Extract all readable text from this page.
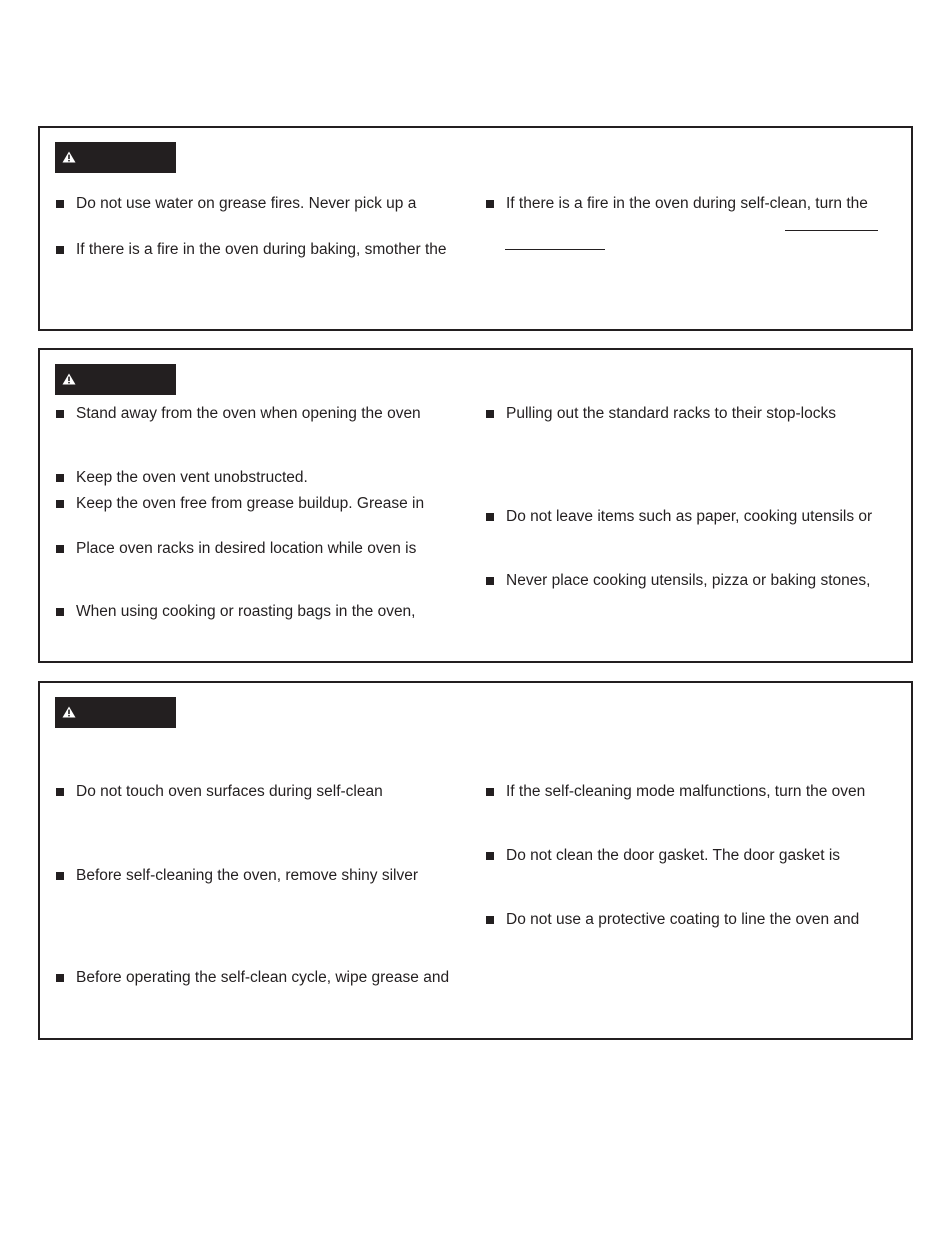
Do not use water on grease fires. Never pick up a
If there is a fire in the oven during baking, smother the
If there is a fire in the oven during self-clean, turn the
Stand away from the oven when opening the oven
Keep the oven vent unobstructed.
Keep the oven free from grease buildup. Grease in
Place oven racks in desired location while oven is
When using cooking or roasting bags in the oven,
Pulling out the standard racks to their stop-locks
Do not leave items such as paper, cooking utensils or
Never place cooking utensils, pizza or baking stones,
Do not touch oven surfaces during self-clean
Before self-cleaning the oven, remove shiny silver
Before operating the self-clean cycle, wipe grease and
If the self-cleaning mode malfunctions, turn the oven
Do not clean the door gasket. The door gasket is
Do not use a protective coating to line the oven and
